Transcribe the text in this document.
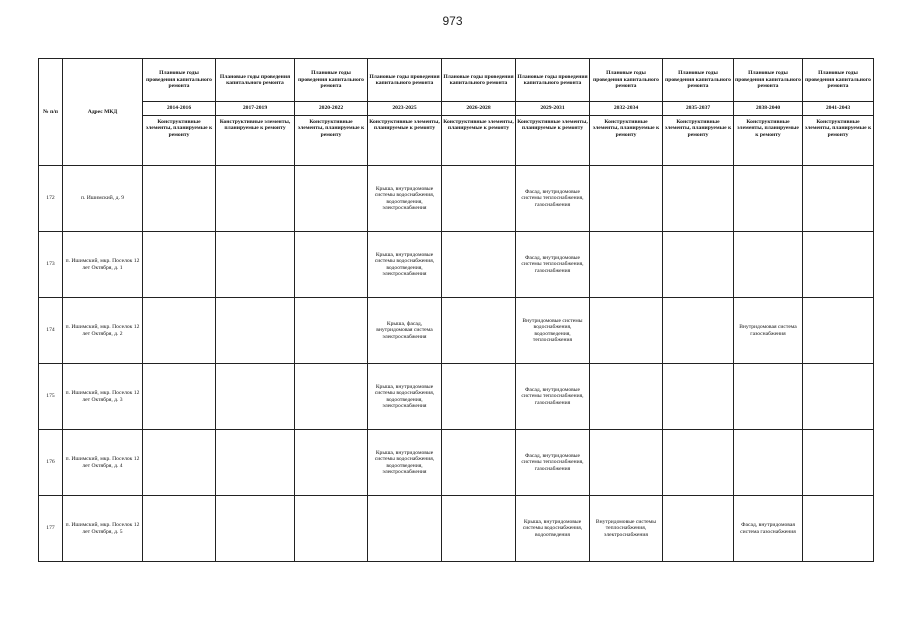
973
№ п/п	Адрес МКД	Плановые годы проведения капитального ремонта	Плановые годы проведения капитального ремонта	Плановые годы проведения капитального ремонта	Плановые годы проведения капитального ремонта	Плановые годы проведения капитального ремонта	Плановые годы проведения капитального ремонта	Плановые годы проведения капитального ремонта	Плановые годы проведения капитального ремонта	Плановые годы проведения капитального ремонта	Плановые годы проведения капитального ремонта
		2014-2016	2017-2019	2020-2022	2023-2025	2026-2028	2029-2031	2032-2034	2035-2037	2038-2040	2041-2043
		Конструктивные элементы, планируемые к ремонту	Конструктивные элементы, планируемые к ремонту	Конструктивные элементы, планируемые к ремонту	Конструктивные элементы, планируемые к ремонту	Конструктивные элементы, планируемые к ремонту	Конструктивные элементы, планируемые к ремонту	Конструктивные элементы, планируемые к ремонту	Конструктивные элементы, планируемые к ремонту	Конструктивные элементы, планируемые к ремонту	Конструктивные элементы, планируемые к ремонту
172	п. Ишимский, д. 9				Крыша, внутридомовые системы водоснабжения, водоотведения, электроснабжения		Фасад, внутридомовые системы теплоснабжения, газоснабжения				
173	п. Ишимский, мкр. Поселок 12 лет Октября, д. 1				Крыша, внутридомовые системы водоснабжения, водоотведения, электроснабжения		Фасад, внутридомовые системы теплоснабжения, газоснабжения				
174	п. Ишимский, мкр. Поселок 12 лет Октября, д. 2				Крыша, фасад, внутридомовая система электроснабжения		Внутридомовые системы водоснабжения, водоотведения, теплоснабжения			Внутридомовая система газоснабжения	
175	п. Ишимский, мкр. Поселок 12 лет Октября, д. 3				Крыша, внутридомовые системы водоснабжения, водоотведения, электроснабжения		Фасад, внутридомовые системы теплоснабжения, газоснабжения				
176	п. Ишимский, мкр. Поселок 12 лет Октября, д. 4				Крыша, внутридомовые системы водоснабжения, водоотведения, электроснабжения		Фасад, внутридомовые системы теплоснабжения, газоснабжения				
177	п. Ишимский, мкр. Поселок 12 лет Октября, д. 5						Крыша, внутридомовые системы водоснабжения, водоотведения	Внутридомовые системы теплоснабжения, электроснабжения		Фасад, внутридомовая система газоснабжения	
